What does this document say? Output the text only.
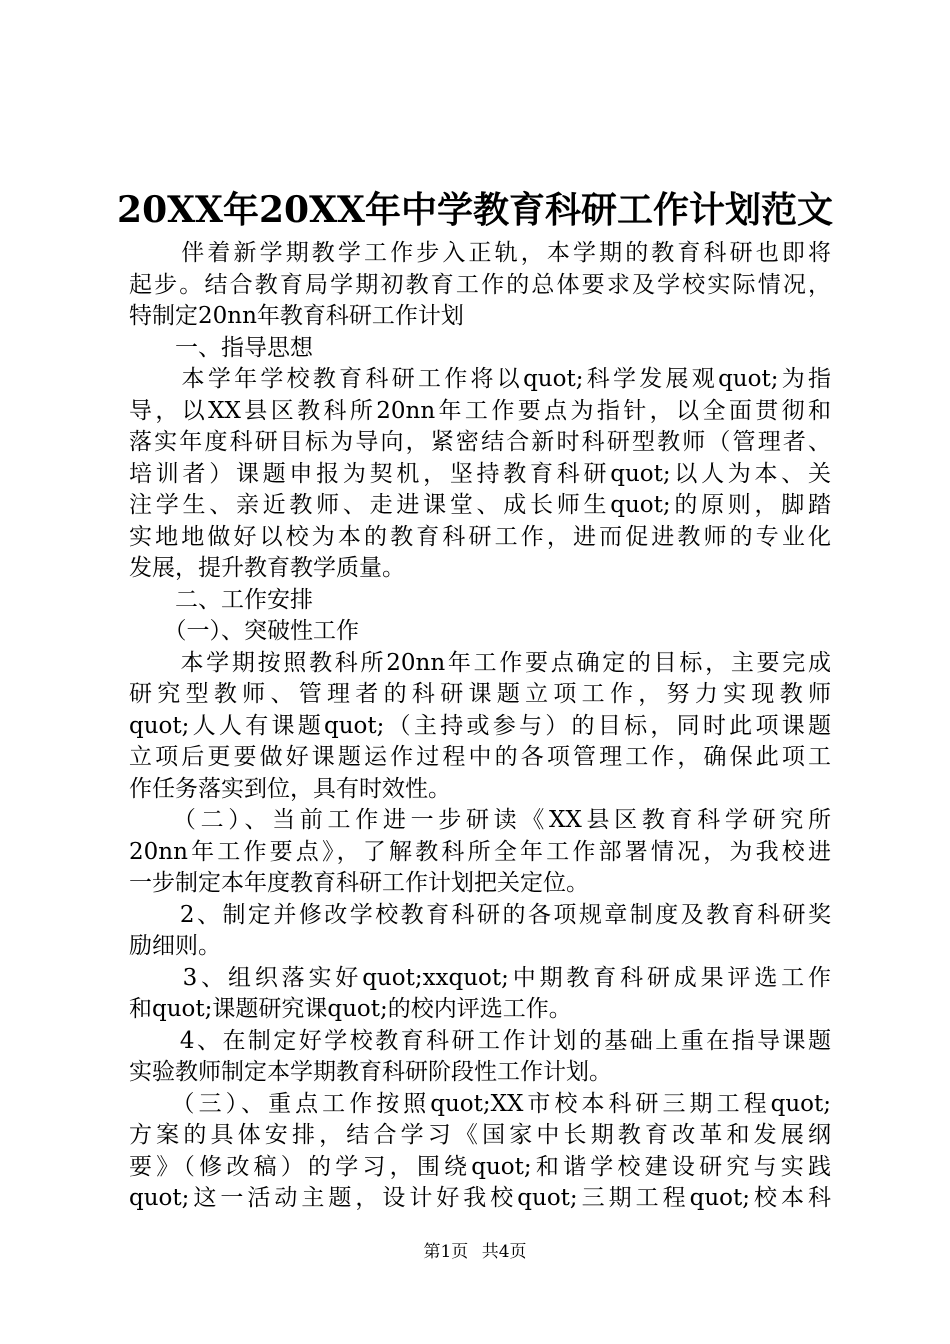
20XX年20XX年中学教育科研工作计划范文
　　伴着新学期教学工作步入正轨，本学期的教育科研也即将
起步。结合教育局学期初教育工作的总体要求及学校实际情况，
特制定20nn年教育科研工作计划
　　一、指导思想
　　本学年学校教育科研工作将以quot;科学发展观quot;为指
导，以XX县区教科所20nn年工作要点为指针，以全面贯彻和
落实年度科研目标为导向，紧密结合新时科研型教师（管理者、
培训者）课题申报为契机，坚持教育科研quot;以人为本、关
注学生、亲近教师、走进课堂、成长师生quot;的原则，脚踏
实地地做好以校为本的教育科研工作，进而促进教师的专业化
发展，提升教育教学质量。
　　二、工作安排
　　（一）、突破性工作
　　本学期按照教科所20nn年工作要点确定的目标，主要完成
研究型教师、管理者的科研课题立项工作，努力实现教师
quot;人人有课题quot;（主持或参与）的目标，同时此项课题
立项后更要做好课题运作过程中的各项管理工作，确保此项工
作任务落实到位，具有时效性。
　　（二）、当前工作进一步研读《XX县区教育科学研究所
20nn年工作要点》，了解教科所全年工作部署情况，为我校进
一步制定本年度教育科研工作计划把关定位。
　　2、制定并修改学校教育科研的各项规章制度及教育科研奖
励细则。
　　3、组织落实好quot;xxquot;中期教育科研成果评选工作
和quot;课题研究课quot;的校内评选工作。
　　4、在制定好学校教育科研工作计划的基础上重在指导课题
实验教师制定本学期教育科研阶段性工作计划。
　　（三）、重点工作按照quot;XX市校本科研三期工程quot;
方案的具体安排，结合学习《国家中长期教育改革和发展纲
要》（修改稿）的学习，围绕quot;和谐学校建设研究与实践
quot;这一活动主题，设计好我校quot;三期工程quot;校本科
第1页 共4页
